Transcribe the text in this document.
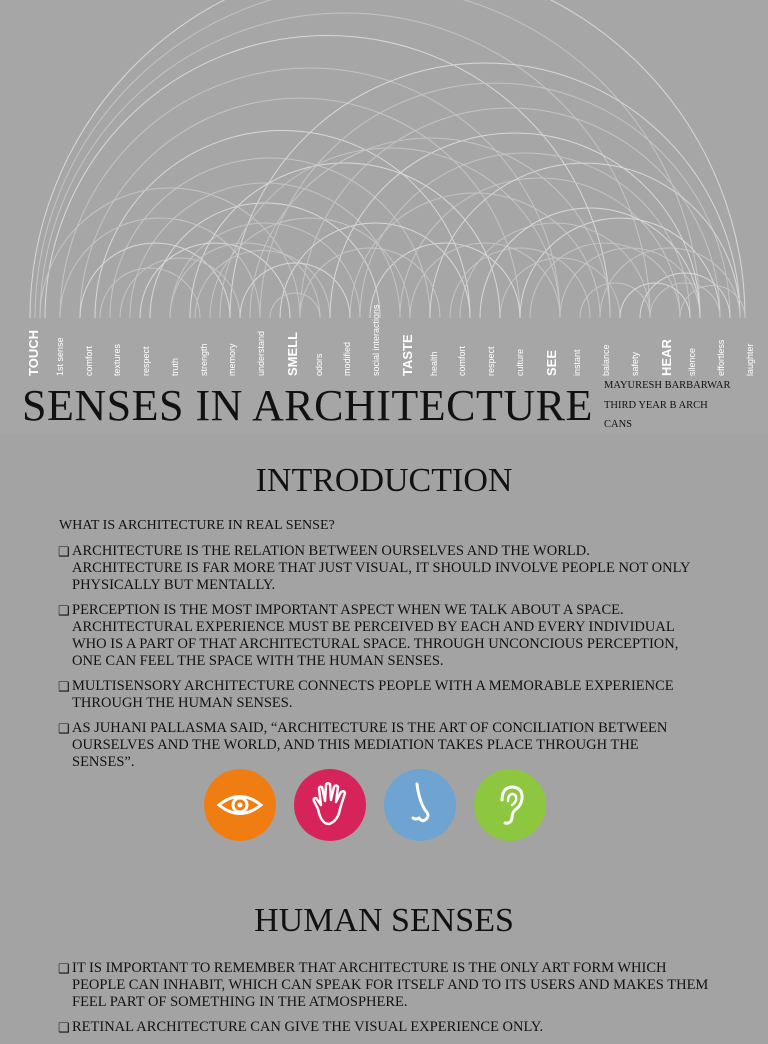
TOUCH 1st sense comfort textures respect truth strength memory understand SMELL odors modified social interactions TASTE health comfort respect culture SEE instant balance safety HEAR silence effortless laughter
SENSES IN ARCHITECTURE MAYURESH BARBARWAR
THIRD YEAR B ARCH
CANS
INTRODUCTION
WHAT IS ARCHITECTURE IN REAL SENSE?
❑ ARCHITECTURE IS THE RELATION BETWEEN OURSELVES AND THE WORLD. ARCHITECTURE IS FAR MORE THAT JUST VISUAL, IT SHOULD INVOLVE PEOPLE NOT ONLY PHYSICALLY BUT MENTALLY.
❑ PERCEPTION IS THE MOST IMPORTANT ASPECT WHEN WE TALK ABOUT A SPACE. ARCHITECTURAL EXPERIENCE MUST BE PERCEIVED BY EACH AND EVERY INDIVIDUAL WHO IS A PART OF THAT ARCHITECTURAL SPACE. THROUGH UNCONCIOUS PERCEPTION, ONE CAN FEEL THE SPACE WITH THE HUMAN SENSES.
❑ MULTISENSORY ARCHITECTURE CONNECTS PEOPLE WITH A MEMORABLE EXPERIENCE THROUGH THE HUMAN SENSES.
❑ AS JUHANI PALLASMA SAID, “ARCHITECTURE IS THE ART OF CONCILIATION BETWEEN OURSELVES AND THE WORLD, AND THIS MEDIATION TAKES PLACE THROUGH THE SENSES”.
HUMAN SENSES
❑ IT IS IMPORTANT TO REMEMBER THAT ARCHITECTURE IS THE ONLY ART FORM WHICH PEOPLE CAN INHABIT, WHICH CAN SPEAK FOR ITSELF AND TO ITS USERS AND MAKES THEM FEEL PART OF SOMETHING IN THE ATMOSPHERE.
❑ RETINAL ARCHITECTURE CAN GIVE THE VISUAL EXPERIENCE ONLY.
